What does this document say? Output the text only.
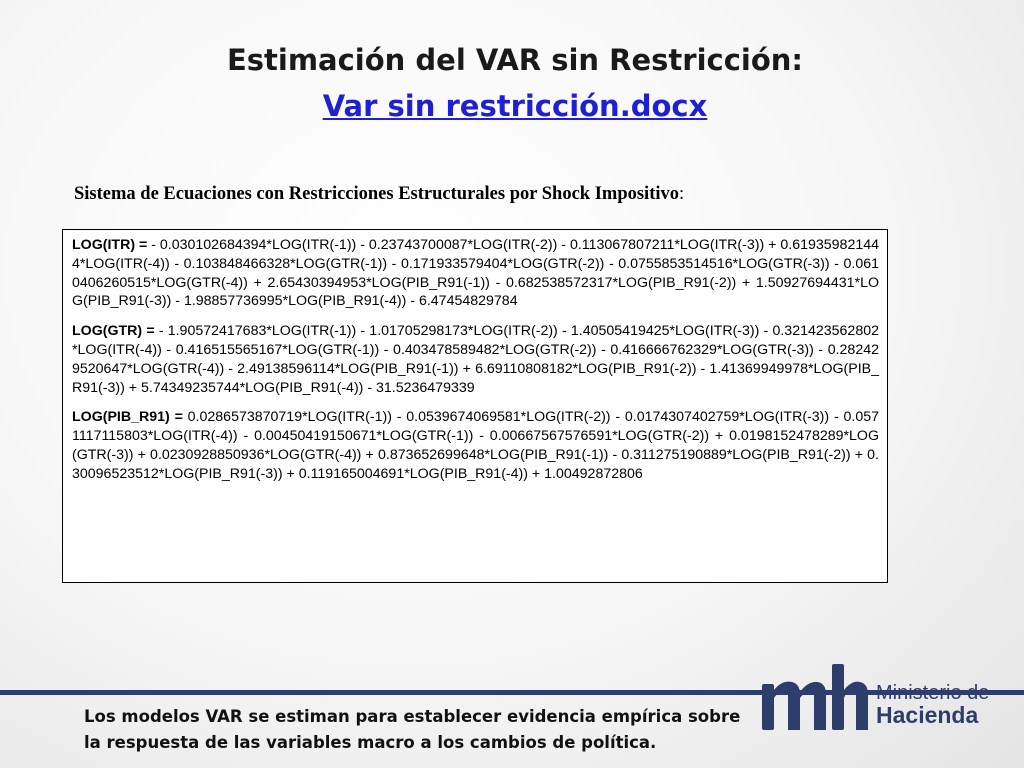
Estimación del VAR sin Restricción:
Var sin restricción.docx
Sistema de Ecuaciones con Restricciones Estructurales por Shock Impositivo:

LOG(ITR) = - 0.030102684394*LOG(ITR(-1)) - 0.23743700087*LOG(ITR(-2)) - 0.113067807211*LOG(ITR(-3)) + 0.619359821444*LOG(ITR(-4)) - 0.103848466328*LOG(GTR(-1)) - 0.171933579404*LOG(GTR(-2)) - 0.0755853514516*LOG(GTR(-3)) - 0.0610406260515*LOG(GTR(-4)) + 2.65430394953*LOG(PIB_R91(-1)) - 0.682538572317*LOG(PIB_R91(-2)) + 1.50927694431*LOG(PIB_R91(-3)) - 1.98857736995*LOG(PIB_R91(-4)) - 6.47454829784

LOG(GTR) = - 1.90572417683*LOG(ITR(-1)) - 1.01705298173*LOG(ITR(-2)) - 1.40505419425*LOG(ITR(-3)) - 0.321423562802*LOG(ITR(-4)) - 0.416515565167*LOG(GTR(-1)) - 0.403478589482*LOG(GTR(-2)) - 0.416666762329*LOG(GTR(-3)) - 0.282429520647*LOG(GTR(-4)) - 2.49138596114*LOG(PIB_R91(-1)) + 6.69110808182*LOG(PIB_R91(-2)) - 1.41369949978*LOG(PIB_R91(-3)) + 5.74349235744*LOG(PIB_R91(-4)) - 31.5236479339

LOG(PIB_R91) = 0.0286573870719*LOG(ITR(-1)) - 0.0539674069581*LOG(ITR(-2)) - 0.0174307402759*LOG(ITR(-3)) - 0.0571117115803*LOG(ITR(-4)) - 0.00450419150671*LOG(GTR(-1)) - 0.00667567576591*LOG(GTR(-2)) + 0.0198152478289*LOG(GTR(-3)) + 0.0230928850936*LOG(GTR(-4)) + 0.873652699648*LOG(PIB_R91(-1)) - 0.311275190889*LOG(PIB_R91(-2)) + 0.30096523512*LOG(PIB_R91(-3)) + 0.119165004691*LOG(PIB_R91(-4)) + 1.00492872806

Los modelos VAR se estiman para establecer evidencia empírica sobre la respuesta de las variables macro a los cambios de política.
Ministerio de
Hacienda
